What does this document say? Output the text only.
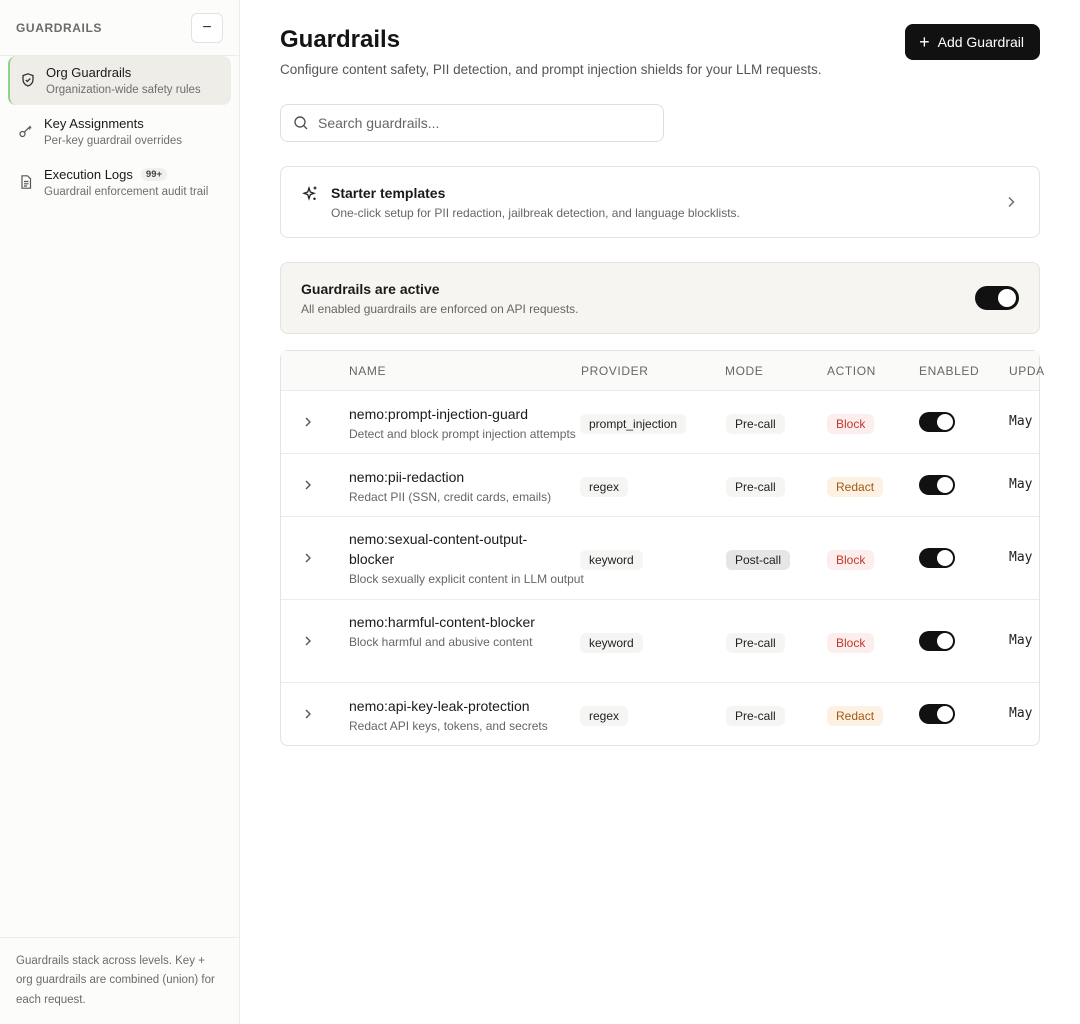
GUARDRAILS	−
Org Guardrails
Organization-wide safety rules
Key Assignments
Per-key guardrail overrides
Execution Logs	99+
Guardrail enforcement audit trail
Guardrails stack across levels. Key + org guardrails are combined (union) for each request.
Guardrails

Configure content safety, PII detection, and prompt injection shields for your LLM requests.

+ Add Guardrail
Search guardrails...
Starter templates
One-click setup for PII redaction, jailbreak detection, and language blocklists.
Guardrails are active
All enabled guardrails are enforced on API requests.
NAME	PROVIDER	MODE	ACTION	ENABLED UPDA
nemo:prompt-injection-guard
Detect and block prompt injection attempts
prompt_injection	Pre-call	Block	May
nemo:pii-redaction
Redact PII (SSN, credit cards, emails)
regex	Pre-call	Redact	May
nemo:sexual-content-output-blocker
Block sexually explicit content in LLM output
keyword	Post-call	Block	May
nemo:harmful-content-blocker
Block harmful and abusive content	keyword	Pre-call	Block	May
nemo:api-key-leak-protection
Redact API keys, tokens, and secrets
regex	Pre-call	Redact	May
